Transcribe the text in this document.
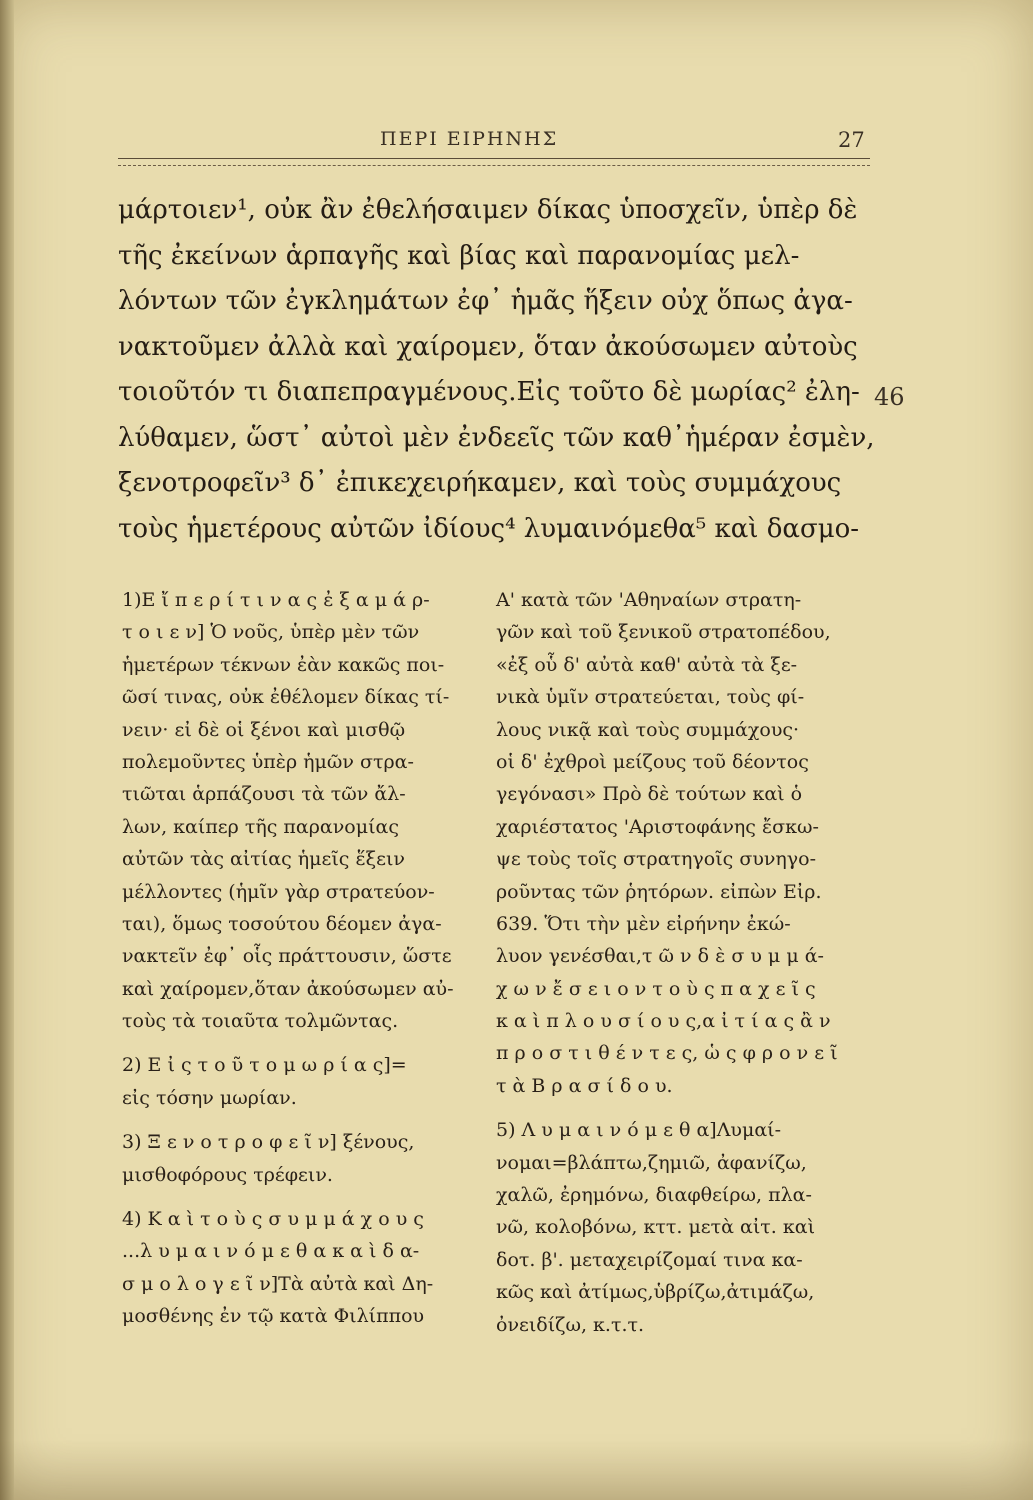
ΠΕΡΙ ΕΙΡΗΝΗΣ	27
μάρτοιεν¹, οὐκ ἂν ἐθελήσαιμεν δίκας ὑποσχεῖν, ὑπὲρ δὲ
τῆς ἐκείνων ἁρπαγῆς καὶ βίας καὶ παρανομίας μελ-
λόντων τῶν ἐγκλημάτων ἐφ᾽ ἡμᾶς ἥξειν οὐχ ὅπως ἀγα-
νακτοῦμεν ἀλλὰ καὶ χαίρομεν, ὅταν ἀκούσωμεν αὐτοὺς
τοιοῦτόν τι διαπεπραγμένους.Εἰς τοῦτο δὲ μωρίας² ἐλη-
λύθαμεν, ὥστ᾽ αὐτοὶ μὲν ἐνδεεῖς τῶν καθ᾽ἡμέραν ἐσμὲν,
ξενοτροφεῖν³ δ᾽ ἐπικεχειρήκαμεν, καὶ τοὺς συμμάχους
τοὺς ἡμετέρους αὐτῶν ἰδίους⁴ λυμαινόμεθα⁵ καὶ δασμο-
46
1)Ε ἴ π ε ρ ί τ ι ν α ς ἐ ξ α μ ά ρ-
τ ο ι ε ν] Ὁ νοῦς, ὑπὲρ μὲν τῶν
ἡμετέρων τέκνων ἐὰν κακῶς ποι-
ῶσί τινας, οὐκ ἐθέλομεν δίκας τί-
νειν· εἰ δὲ οἱ ξένοι καὶ μισθῷ
πολεμοῦντες ὑπὲρ ἡμῶν στρα-
τιῶται ἁρπάζουσι τὰ τῶν ἄλ-
λων, καίπερ τῆς παρανομίας
αὐτῶν τὰς αἰτίας ἡμεῖς ἕξειν
μέλλοντες (ἡμῖν γὰρ στρατεύον-
ται), ὅμως τοσούτου δέομεν ἀγα-
νακτεῖν ἐφ᾽ οἷς πράττουσιν, ὥστε
καὶ χαίρομεν,ὅταν ἀκούσωμεν αὐ-
τοὺς τὰ τοιαῦτα τολμῶντας.
2) Ε ἰ ς τ ο ῦ τ ο μ ω ρ ί α ς]=
εἰς τόσην μωρίαν.
3) Ξ ε ν ο τ ρ ο φ ε ῖ ν] ξένους,
μισθοφόρους τρέφειν.
4) Κ α ὶ τ ο ὺ ς σ υ μ μ ά χ ο υ ς
...λ υ μ α ι ν ό μ ε θ α κ α ὶ δ α-
σ μ ο λ ο γ ε ῖ ν]Τὰ αὐτὰ καὶ Δη-
μοσθένης ἐν τῷ κατὰ Φιλίππου
Α' κατὰ τῶν 'Αθηναίων στρατη-
γῶν καὶ τοῦ ξενικοῦ στρατοπέδου,
«ἐξ οὗ δ' αὐτὰ καθ' αὐτὰ τὰ ξε-
νικὰ ὑμῖν στρατεύεται, τοὺς φί-
λους νικᾷ καὶ τοὺς συμμάχους·
οἱ δ' ἐχθροὶ μείζους τοῦ δέοντος
γεγόνασι» Πρὸ δὲ τούτων καὶ ὁ
χαριέστατος 'Αριστοφάνης ἔσκω-
ψε τοὺς τοῖς στρατηγοῖς συνηγο-
ροῦντας τῶν ῥητόρων. εἰπὼν Εἰρ.
639. Ὅτι τὴν μὲν εἰρήνην ἐκώ-
λυον γενέσθαι,τ ῶ ν δ ὲ σ υ μ μ ά-
χ ω ν ἔ σ ε ι ο ν τ ο ὺ ς π α χ ε ῖ ς
κ α ὶ π λ ο υ σ ί ο υ ς,α ἰ τ ί α ς ἂ ν
π ρ ο σ τ ι θ έ ν τ ε ς, ὡ ς φ ρ ο ν ε ῖ
τ ὰ Β ρ α σ ί δ ο υ.
5) Λ υ μ α ι ν ό μ ε θ α]Λυμαί-
νομαι=βλάπτω,ζημιῶ, ἀφανίζω,
χαλῶ, ἐρημόνω, διαφθείρω, πλα-
νῶ, κολοβόνω, κττ. μετὰ αἰτ. καὶ
δοτ. β'. μεταχειρίζομαί τινα κα-
κῶς καὶ ἀτίμως,ὑβρίζω,ἀτιμάζω,
ὀνειδίζω, κ.τ.τ.
